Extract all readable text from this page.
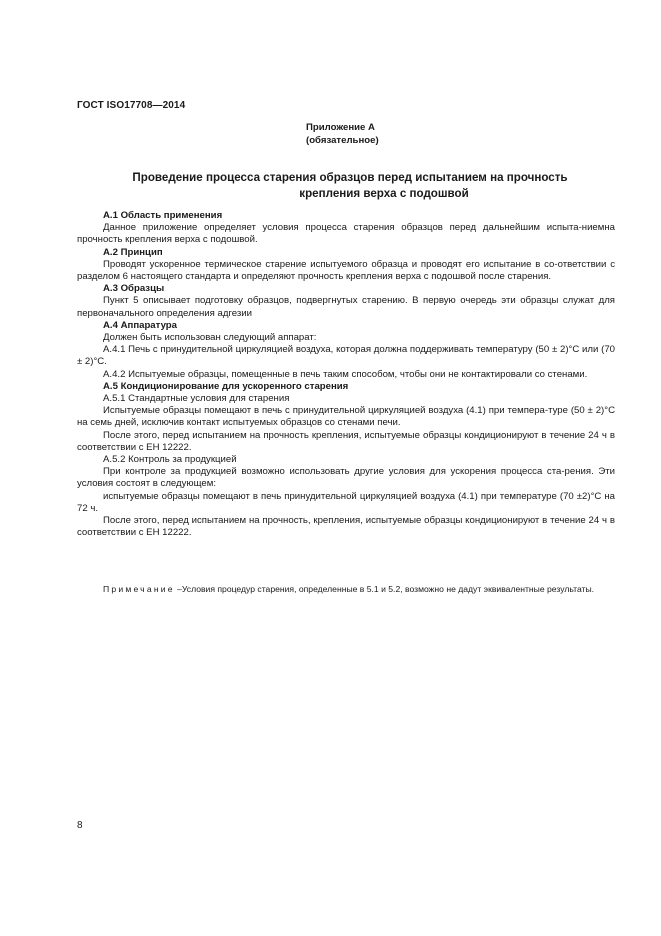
ГОСТ ISO17708—2014
Приложение А
(обязательное)
Проведение процесса старения образцов перед испытанием на прочность
крепления верха с подошвой

А.1 Область применения

Данное приложение определяет условия процесса старения образцов перед дальнейшим испыта-ниемнa прочность крепления верха с подошвой.

А.2 Принцип

Проводят ускоренное термическое старение испытуемого образца и проводят его испытание в со-ответствии с разделом 6 настоящего стандарта и определяют прочность крепления верха с подошвой после старения.

А.3 Образцы

Пункт 5 описывает подготовку образцов, подвергнутых старению. В первую очередь эти образцы служат для первоначального определения адгезии

А.4 Аппаратура

Должен быть использован следующий аппарат:

А.4.1 Печь с принудительной циркуляцией воздуха, которая должна поддерживать температуру (50 ± 2)°С или (70 ± 2)°С.

А.4.2 Испытуемые образцы, помещенные в печь таким способом, чтобы они не контактировали со стенами.

А.5 Кондиционирование для ускоренного старения

А.5.1 Стандартные условия для старения

Испытуемые образцы помещают в печь с принудительной циркуляцией воздуха (4.1) при темпера-туре (50 ± 2)°С на семь дней, исключив контакт испытуемых образцов со стенами печи.

После этого, перед испытанием на прочность крепления, испытуемые образцы кондиционируют в течение 24 ч в соответствии с ЕН 12222.

А.5.2 Контроль за продукцией

При контроле за продукцией возможно использовать другие условия для ускорения процесса ста-рения. Эти условия состоят в следующем:

испытуемые образцы помещают в печь принудительной циркуляцией воздуха (4.1) при температуре (70 ±2)°С на 72 ч.

После этого, перед испытанием на прочность, крепления, испытуемые образцы кондиционируют в течение 24 ч в соответствии с ЕН 12222.

Примечание –Условия процедур старения, определенные в 5.1 и 5.2, возможно не дадут эквивалентные результаты.
8
